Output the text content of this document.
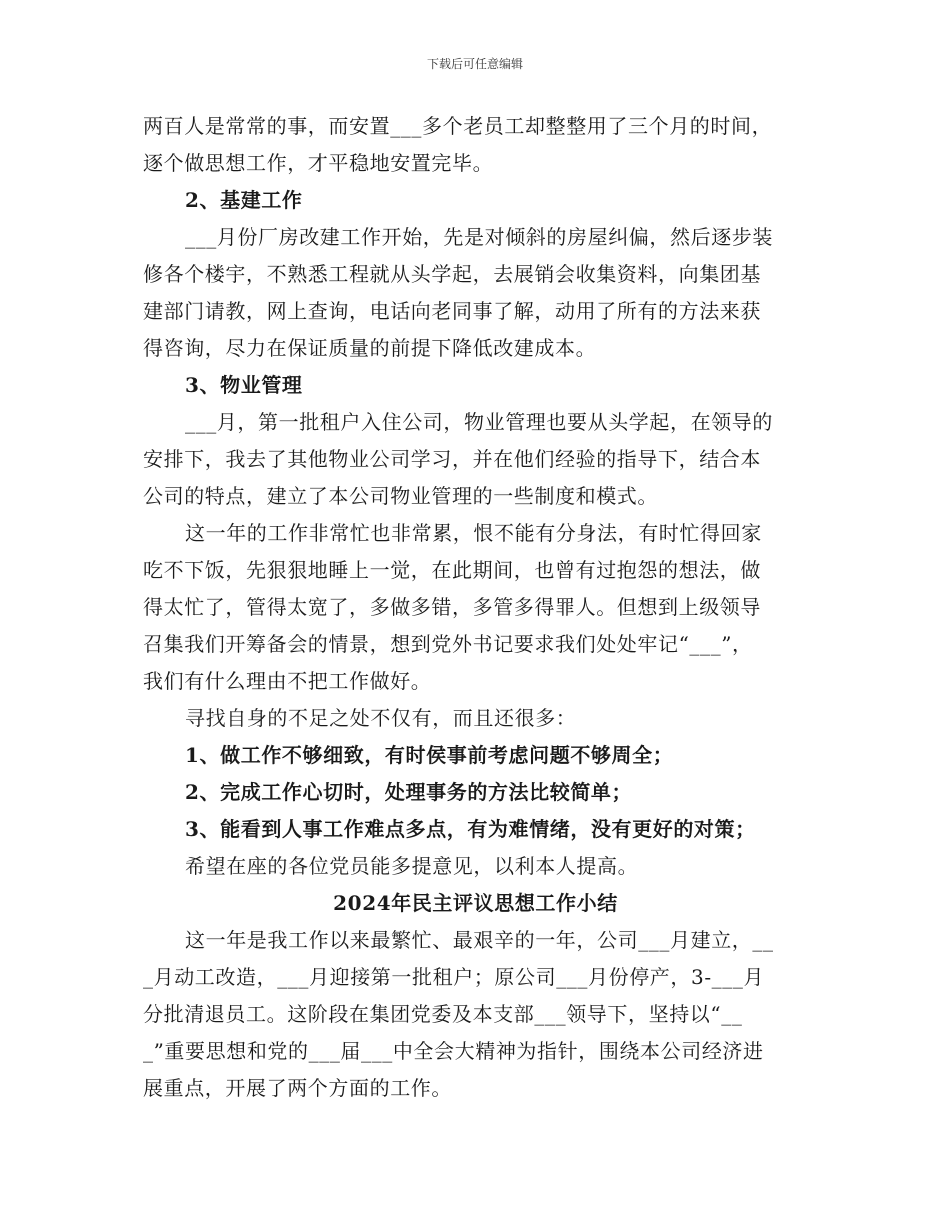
下载后可任意编辑
两百人是常常的事，而安置___多个老员工却整整用了三个月的时间，
逐个做思想工作，才平稳地安置完毕。
2、基建工作
___月份厂房改建工作开始，先是对倾斜的房屋纠偏，然后逐步装
修各个楼宇，不熟悉工程就从头学起，去展销会收集资料，向集团基
建部门请教，网上查询，电话向老同事了解，动用了所有的方法来获
得咨询，尽力在保证质量的前提下降低改建成本。
3、物业管理
___月，第一批租户入住公司，物业管理也要从头学起，在领导的
安排下，我去了其他物业公司学习，并在他们经验的指导下，结合本
公司的特点，建立了本公司物业管理的一些制度和模式。
这一年的工作非常忙也非常累，恨不能有分身法，有时忙得回家
吃不下饭，先狠狠地睡上一觉，在此期间，也曾有过抱怨的想法，做
得太忙了，管得太宽了，多做多错，多管多得罪人。但想到上级领导
召集我们开筹备会的情景，想到党外书记要求我们处处牢记“___”，
我们有什么理由不把工作做好。
寻找自身的不足之处不仅有，而且还很多：
1、做工作不够细致，有时侯事前考虑问题不够周全；
2、完成工作心切时，处理事务的方法比较简单；
3、能看到人事工作难点多点，有为难情绪，没有更好的对策；
希望在座的各位党员能多提意见，以利本人提高。
2024年民主评议思想工作小结
这一年是我工作以来最繁忙、最艰辛的一年，公司___月建立，__
_月动工改造，___月迎接第一批租户；原公司___月份停产，3-___月
分批清退员工。这阶段在集团党委及本支部___领导下，坚持以“__
_”重要思想和党的___届___中全会大精神为指针，围绕本公司经济进
展重点，开展了两个方面的工作。
